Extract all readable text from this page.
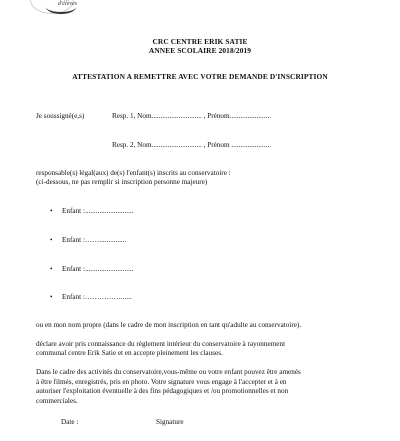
d'élèves
CRC CENTRE ERIK SATIE
ANNEE SCOLAIRE 2018/2019
ATTESTATION A REMETTRE AVEC VOTRE DEMANDE D'INSCRIPTION
Je soussigné(e,s)	Resp. 1, Nom............................ , Prénom.......................
Resp. 2, Nom............................ , Prénom ......................
responsable(s) légal(aux) de(s) l'enfant(s) inscrits au conservatoire :
(ci-dessous, ne pas remplir si inscription personne majeure)
• Enfant :...........................
• Enfant :……...............
• Enfant :...........................
• Enfant :……………......
ou en mon nom propre (dans le cadre de mon inscription en tant qu'adulte au conservatoire).
déclare avoir pris connaissance du règlement intérieur du conservatoire à rayonnement
communal centre Erik Satie et en accepte pleinement les clauses.
Dans le cadre des activités du conservatoire,vous-même ou votre enfant pouvez être amenés
à être filmés, enregistrés, pris en photo. Votre signature vous engage à l'accepter et à en
autoriser l'exploitation éventuelle à des fins pédagogiques et /ou promotionnelles et non
commerciales.
Date :	Signature
